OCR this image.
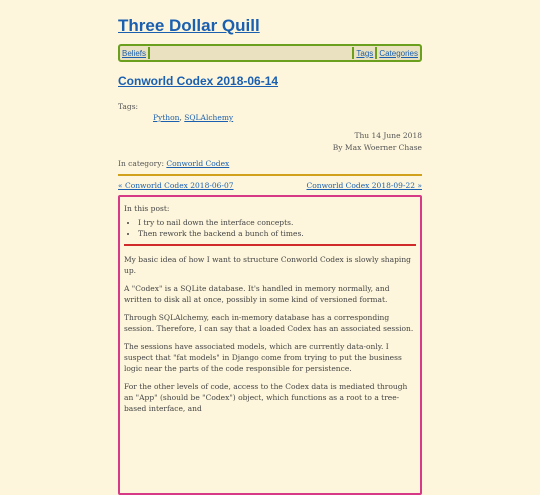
Three Dollar Quill
Beliefs	Tags Categories
Conworld Codex 2018-06-14
Tags:
Python, SQLAlchemy
Thu 14 June 2018
By Max Woerner Chase
In category: Conworld Codex
« Conworld Codex 2018-06-07	Conworld Codex 2018-09-22 »
In this post:
• I try to nail down the interface concepts.
• Then rework the backend a bunch of times.

My basic idea of how I want to structure Conworld Codex is slowly shaping up.

A "Codex" is a SQLite database. It's handled in memory normally, and written to disk all at once, possibly in some kind of versioned format.

Through SQLAlchemy, each in-memory database has a corresponding session. Therefore, I can say that a loaded Codex has an associated session.

The sessions have associated models, which are currently data-only. I suspect that "fat models" in Django come from trying to put the business logic near the parts of the code responsible for persistence.

For the other levels of code, access to the Codex data is mediated through an "App" (should be "Codex") object, which functions as a root to a tree-based interface, and
